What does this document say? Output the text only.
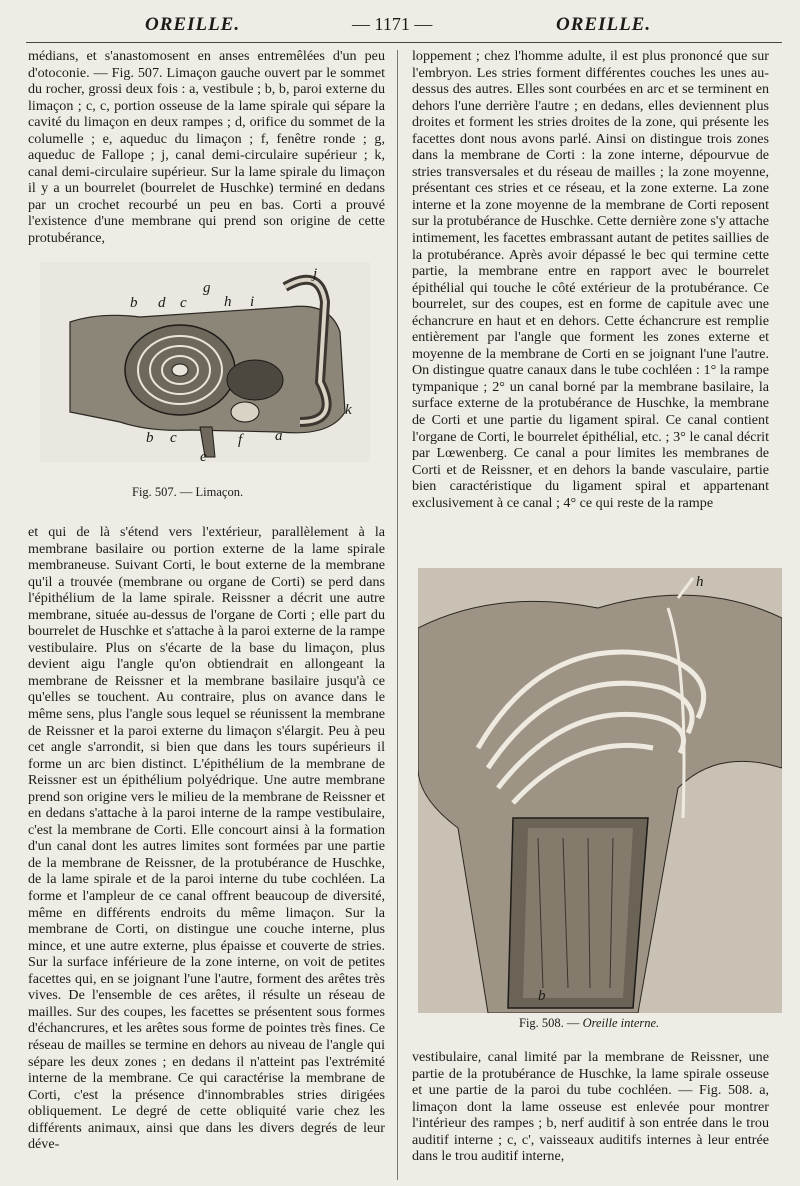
OREILLE.	— 1171 —	OREILLE.

médians, et s'anastomosent en anses entremêlées d'un peu d'otoconie. — Fig. 507. Limaçon gauche ouvert par le sommet du rocher, grossi deux fois : a, vestibule ; b, b, paroi externe du limaçon ; c, c, portion osseuse de la lame spirale qui sépare la cavité du limaçon en deux rampes ; d, orifice du sommet de la columelle ; e, aqueduc du limaçon ; f, fenêtre ronde ; g, aqueduc de Fallope ; j, canal demi-circulaire supérieur ; k, canal demi-circulaire supérieur. Sur la lame spirale du limaçon il y a un bourrelet (bourrelet de Huschke) terminé en dedans par un crochet recourbé un peu en bas. Corti a prouvé l'existence d'une membrane qui prend son origine de cette protubérance,

b d c
g
h i
j
b c	f a
k
e
Fig. 507. — Limaçon.

et qui de là s'étend vers l'extérieur, parallèlement à la membrane basilaire ou portion externe de la lame spirale membraneuse. Suivant Corti, le bout externe de la membrane qu'il a trouvée (membrane ou organe de Corti) se perd dans l'épithélium de la lame spirale. Reissner a décrit une autre membrane, située au-dessus de l'organe de Corti ; elle part du bourrelet de Huschke et s'attache à la paroi externe de la rampe vestibulaire. Plus on s'écarte de la base du limaçon, plus devient aigu l'angle qu'on obtiendrait en allongeant la membrane de Reissner et la membrane basilaire jusqu'à ce qu'elles se touchent. Au contraire, plus on avance dans le même sens, plus l'angle sous lequel se réunissent la membrane de Reissner et la paroi externe du limaçon s'élargit. Peu à peu cet angle s'arrondit, si bien que dans les tours supérieurs il forme un arc bien distinct. L'épithélium de la membrane de Reissner est un épithélium polyédrique. Une autre membrane prend son origine vers le milieu de la membrane de Reissner et en dedans s'attache à la paroi interne de la rampe vestibulaire, c'est la membrane de Corti. Elle concourt ainsi à la formation d'un canal dont les autres limites sont formées par une partie de la membrane de Reissner, de la protubérance de Huschke, de la lame spirale et de la paroi interne du tube cochléen. La forme et l'ampleur de ce canal offrent beaucoup de diversité, même en différents endroits du même limaçon. Sur la membrane de Corti, on distingue une couche interne, plus mince, et une autre externe, plus épaisse et couverte de stries. Sur la surface inférieure de la zone interne, on voit de petites facettes qui, en se joignant l'une l'autre, forment des arêtes très vives. De l'ensemble de ces arêtes, il résulte un réseau de mailles. Sur des coupes, les facettes se présentent sous formes d'échancrures, et les arêtes sous forme de pointes très fines. Ce réseau de mailles se termine en dehors au niveau de l'angle qui sépare les deux zones ; en dedans il n'atteint pas l'extrémité interne de la membrane. Ce qui caractérise la membrane de Corti, c'est la présence d'innombrables stries dirigées obliquement. Le degré de cette obliquité varie chez les différents animaux, ainsi que dans les divers degrés de leur déve-

loppement ; chez l'homme adulte, il est plus prononcé que sur l'embryon. Les stries forment différentes couches les unes au-dessus des autres. Elles sont courbées en arc et se terminent en dehors l'une derrière l'autre ; en dedans, elles deviennent plus droites et forment les stries droites de la zone, qui présente les facettes dont nous avons parlé. Ainsi on distingue trois zones dans la membrane de Corti : la zone interne, dépourvue de stries transversales et du réseau de mailles ; la zone moyenne, présentant ces stries et ce réseau, et la zone externe. La zone interne et la zone moyenne de la membrane de Corti reposent sur la protubérance de Huschke. Cette dernière zone s'y attache intimement, les facettes embrassant autant de petites saillies de la protubérance. Après avoir dépassé le bec qui termine cette partie, la membrane entre en rapport avec le bourrelet épithélial qui touche le côté extérieur de la protubérance. Ce bourrelet, sur des coupes, est en forme de capitule avec une échancrure en haut et en dehors. Cette échancrure est remplie entièrement par l'angle que forment les zones externe et moyenne de la membrane de Corti en se joignant l'une l'autre. On distingue quatre canaux dans le tube cochléen : 1° la rampe tympanique ; 2° un canal borné par la membrane basilaire, la surface externe de la protubérance de Huschke, la membrane de Corti et une partie du ligament spiral. Ce canal contient l'organe de Corti, le bourrelet épithélial, etc. ; 3° le canal décrit par Lœwenberg. Ce canal a pour limites les membranes de Corti et de Reissner, et en dehors la bande vasculaire, partie bien caractéristique du ligament spiral et appartenant exclusivement à ce canal ; 4° ce qui reste de la rampe

h
b
Fig. 508. — Oreille interne.

vestibulaire, canal limité par la membrane de Reissner, une partie de la protubérance de Huschke, la lame spirale osseuse et une partie de la paroi du tube cochléen. — Fig. 508. a, limaçon dont la lame osseuse est enlevée pour montrer l'intérieur des rampes ; b, nerf auditif à son entrée dans le trou auditif interne ; c, c', vaisseaux auditifs internes à leur entrée dans le trou auditif interne,
